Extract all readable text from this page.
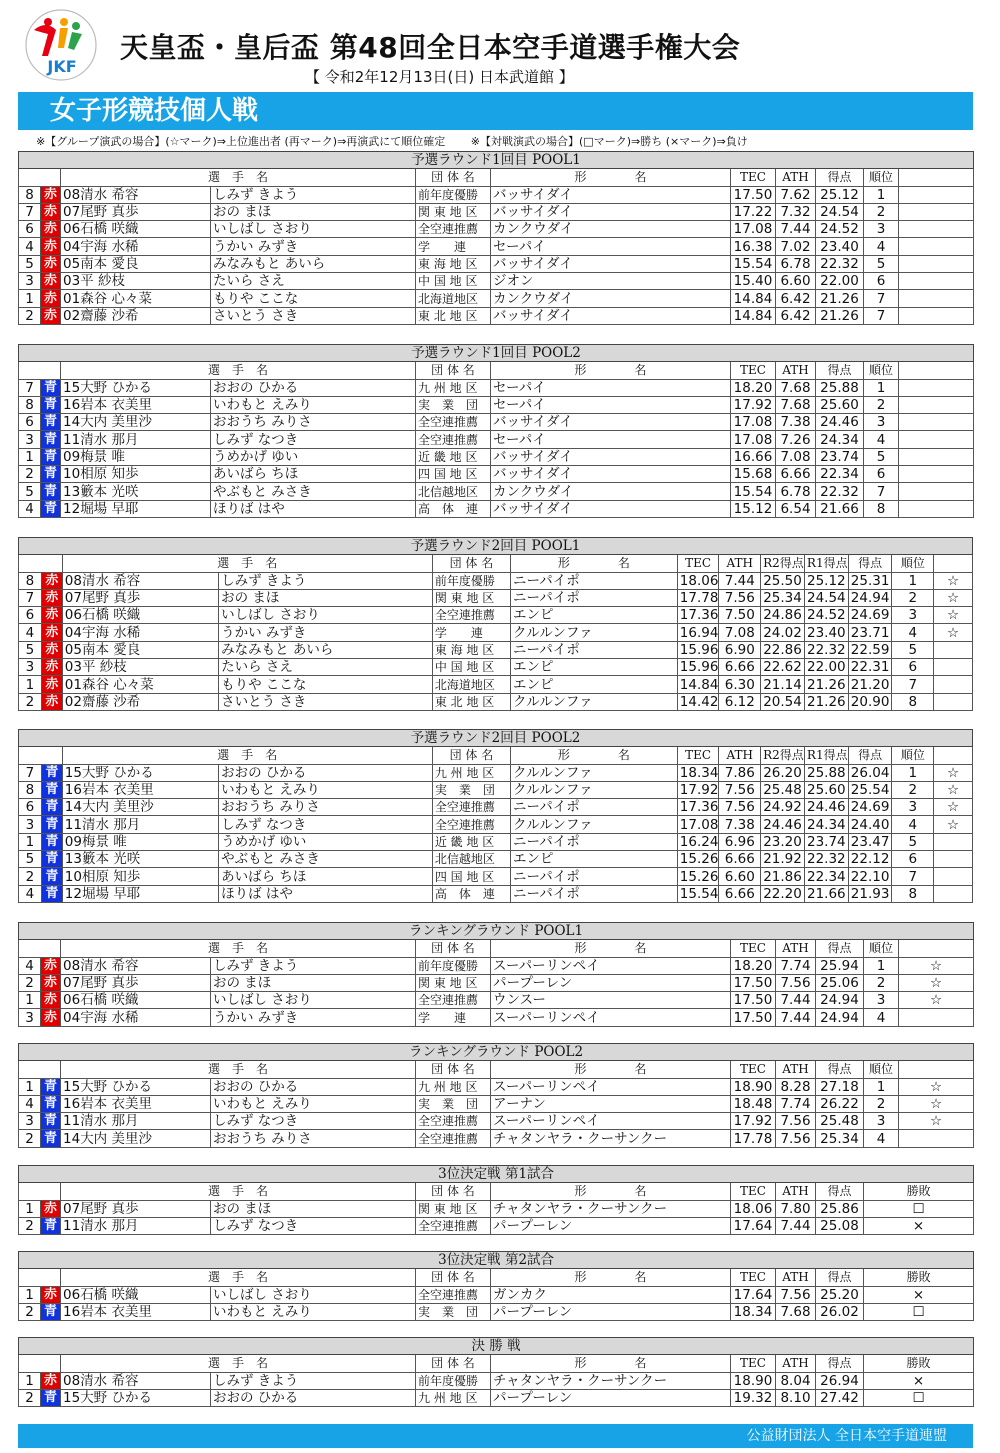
JKF
天皇盃・皇后盃 第48回全日本空手道選手権大会
【 令和2年12月13日(日) 日本武道館 】
女子形競技個人戦
※【グループ演武の場合】(☆マーク)⇒上位進出者 (再マーク)⇒再演武にて順位確定 ※【対戦演武の場合】(□マーク)⇒勝ち (×マーク)⇒負け
予選ラウンド1回目 POOL1										
		選　手　名		団 体 名	形　　　　名	TEC	ATH	得点	順位	
8	赤	08清水 希容	しみず きよう	前年度優勝	バッサイダイ	17.50	7.62	25.12	1	
7	赤	07尾野 真歩	おの まほ	関 東 地 区	バッサイダイ	17.22	7.32	24.54	2	
6	赤	06石橋 咲織	いしばし さおり	全空連推薦	カンクウダイ	17.08	7.44	24.52	3	
4	赤	04宇海 水稀	うかい みずき	学　　連	セーパイ	16.38	7.02	23.40	4	
5	赤	05南本 愛良	みなみもと あいら	東 海 地 区	バッサイダイ	15.54	6.78	22.32	5	
3	赤	03平 紗枝	たいら さえ	中 国 地 区	ジオン	15.40	6.60	22.00	6	
1	赤	01森谷 心々菜	もりや ここな	北海道地区	カンクウダイ	14.84	6.42	21.26	7	
2	赤	02齋藤 沙希	さいとう さき	東 北 地 区	バッサイダイ	14.84	6.42	21.26	7	
予選ラウンド1回目 POOL2										
		選　手　名		団 体 名	形　　　　名	TEC	ATH	得点	順位	
7	青	15大野 ひかる	おおの ひかる	九 州 地 区	セーパイ	18.20	7.68	25.88	1	
8	青	16岩本 衣美里	いわもと えみり	実　業　団	セーパイ	17.92	7.68	25.60	2	
6	青	14大内 美里沙	おおうち みりさ	全空連推薦	バッサイダイ	17.08	7.38	24.46	3	
3	青	11清水 那月	しみず なつき	全空連推薦	セーパイ	17.08	7.26	24.34	4	
1	青	09梅景 唯	うめかげ ゆい	近 畿 地 区	バッサイダイ	16.66	7.08	23.74	5	
2	青	10相原 知歩	あいばら ちほ	四 国 地 区	バッサイダイ	15.68	6.66	22.34	6	
5	青	13籔本 光咲	やぶもと みさき	北信越地区	カンクウダイ	15.54	6.78	22.32	7	
4	青	12堀場 早耶	ほりば はや	高　体　連	バッサイダイ	15.12	6.54	21.66	8	
予選ラウンド2回目 POOL1												
		選　手　名		団 体 名	形　　　　名	TEC	ATH	R2得点	R1得点	得点	順位	
8	赤	08清水 希容	しみず きよう	前年度優勝	ニーパイポ	18.06	7.44	25.50	25.12	25.31	1	☆
7	赤	07尾野 真歩	おの まほ	関 東 地 区	ニーパイポ	17.78	7.56	25.34	24.54	24.94	2	☆
6	赤	06石橋 咲織	いしばし さおり	全空連推薦	エンピ	17.36	7.50	24.86	24.52	24.69	3	☆
4	赤	04宇海 水稀	うかい みずき	学　　連	クルルンファ	16.94	7.08	24.02	23.40	23.71	4	☆
5	赤	05南本 愛良	みなみもと あいら	東 海 地 区	ニーパイポ	15.96	6.90	22.86	22.32	22.59	5	
3	赤	03平 紗枝	たいら さえ	中 国 地 区	エンピ	15.96	6.66	22.62	22.00	22.31	6	
1	赤	01森谷 心々菜	もりや ここな	北海道地区	エンピ	14.84	6.30	21.14	21.26	21.20	7	
2	赤	02齋藤 沙希	さいとう さき	東 北 地 区	クルルンファ	14.42	6.12	20.54	21.26	20.90	8	
予選ラウンド2回目 POOL2												
		選　手　名		団 体 名	形　　　　名	TEC	ATH	R2得点	R1得点	得点	順位	
7	青	15大野 ひかる	おおの ひかる	九 州 地 区	クルルンファ	18.34	7.86	26.20	25.88	26.04	1	☆
8	青	16岩本 衣美里	いわもと えみり	実　業　団	クルルンファ	17.92	7.56	25.48	25.60	25.54	2	☆
6	青	14大内 美里沙	おおうち みりさ	全空連推薦	ニーパイポ	17.36	7.56	24.92	24.46	24.69	3	☆
3	青	11清水 那月	しみず なつき	全空連推薦	クルルンファ	17.08	7.38	24.46	24.34	24.40	4	☆
1	青	09梅景 唯	うめかげ ゆい	近 畿 地 区	ニーパイポ	16.24	6.96	23.20	23.74	23.47	5	
5	青	13籔本 光咲	やぶもと みさき	北信越地区	エンピ	15.26	6.66	21.92	22.32	22.12	6	
2	青	10相原 知歩	あいばら ちほ	四 国 地 区	ニーパイポ	15.26	6.60	21.86	22.34	22.10	7	
4	青	12堀場 早耶	ほりば はや	高　体　連	ニーパイポ	15.54	6.66	22.20	21.66	21.93	8	
ランキングラウンド POOL1										
		選　手　名		団 体 名	形　　　　名	TEC	ATH	得点	順位	
4	赤	08清水 希容	しみず きよう	前年度優勝	スーパーリンペイ	18.20	7.74	25.94	1	☆
2	赤	07尾野 真歩	おの まほ	関 東 地 区	パープーレン	17.50	7.56	25.06	2	☆
1	赤	06石橋 咲織	いしばし さおり	全空連推薦	ウンスー	17.50	7.44	24.94	3	☆
3	赤	04宇海 水稀	うかい みずき	学　　連	スーパーリンペイ	17.50	7.44	24.94	4	
ランキングラウンド POOL2										
		選　手　名		団 体 名	形　　　　名	TEC	ATH	得点	順位	
1	青	15大野 ひかる	おおの ひかる	九 州 地 区	スーパーリンペイ	18.90	8.28	27.18	1	☆
4	青	16岩本 衣美里	いわもと えみり	実　業　団	アーナン	18.48	7.74	26.22	2	☆
3	青	11清水 那月	しみず なつき	全空連推薦	スーパーリンペイ	17.92	7.56	25.48	3	☆
2	青	14大内 美里沙	おおうち みりさ	全空連推薦	チャタンヤラ・クーサンクー	17.78	7.56	25.34	4	
3位決定戦 第1試合									
		選　手　名		団 体 名	形　　　　名	TEC	ATH	得点	勝敗
1	赤	07尾野 真歩	おの まほ	関 東 地 区	チャタンヤラ・クーサンクー	18.06	7.80	25.86	☐
2	青	11清水 那月	しみず なつき	全空連推薦	パープーレン	17.64	7.44	25.08	×
3位決定戦 第2試合									
		選　手　名		団 体 名	形　　　　名	TEC	ATH	得点	勝敗
1	赤	06石橋 咲織	いしばし さおり	全空連推薦	ガンカク	17.64	7.56	25.20	×
2	青	16岩本 衣美里	いわもと えみり	実　業　団	パープーレン	18.34	7.68	26.02	☐
決 勝 戦									
		選　手　名		団 体 名	形　　　　名	TEC	ATH	得点	勝敗
1	赤	08清水 希容	しみず きよう	前年度優勝	チャタンヤラ・クーサンクー	18.90	8.04	26.94	×
2	青	15大野 ひかる	おおの ひかる	九 州 地 区	パープーレン	19.32	8.10	27.42	☐
公益財団法人 全日本空手道連盟
